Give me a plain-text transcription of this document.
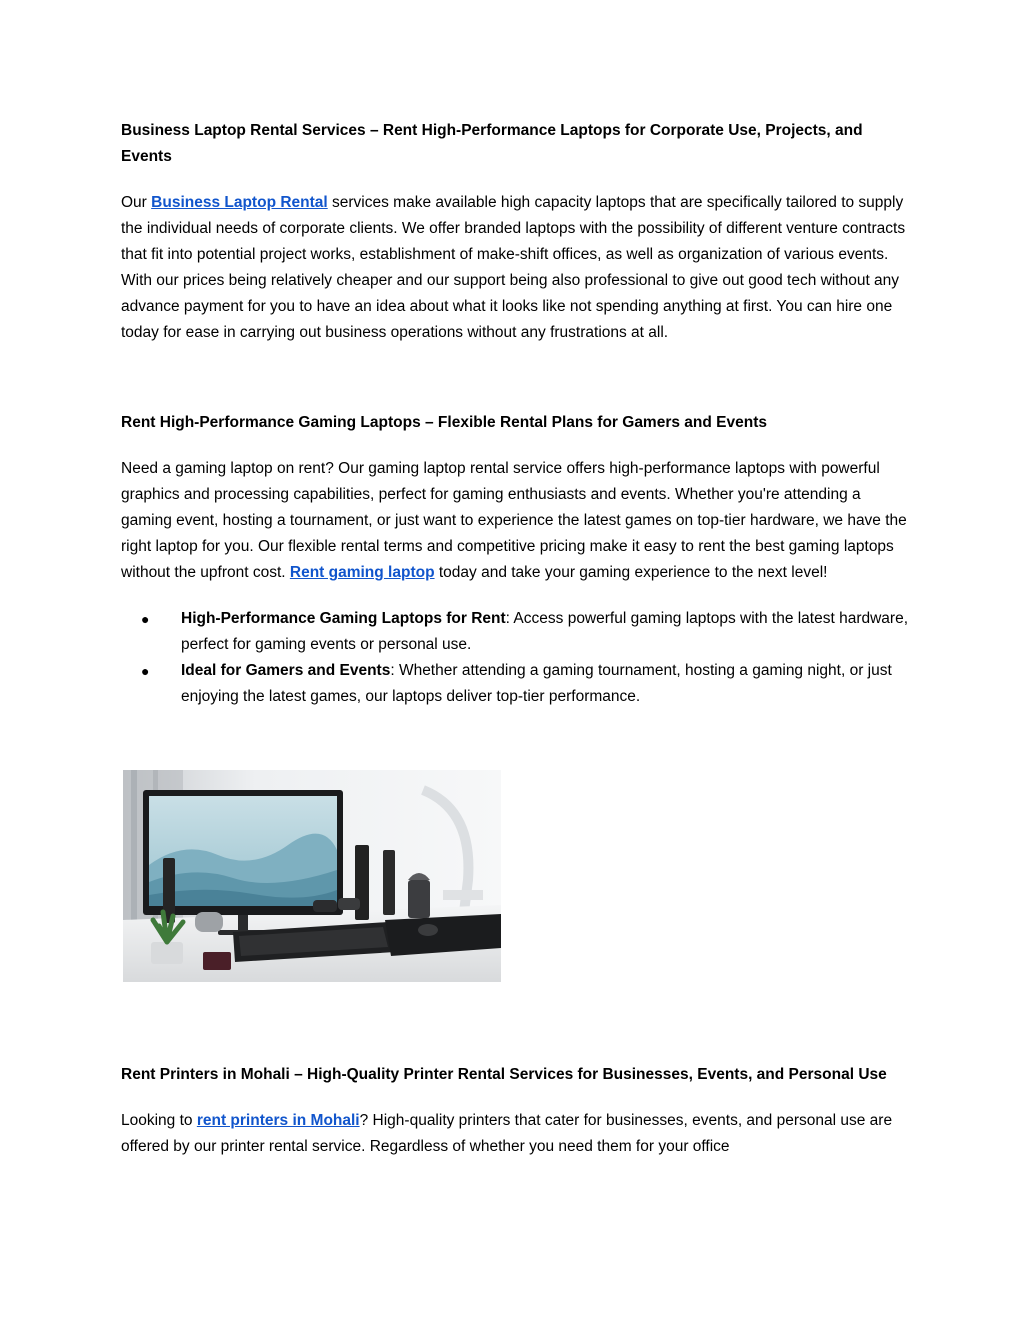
Business Laptop Rental Services – Rent High-Performance Laptops for Corporate Use, Projects, and Events

Our Business Laptop Rental services make available high capacity laptops that are specifically tailored to supply the individual needs of corporate clients. We offer branded laptops with the possibility of different venture contracts that fit into potential project works, establishment of make-shift offices, as well as organization of various events. With our prices being relatively cheaper and our support being also professional to give out good tech without any advance payment for you to have an idea about what it looks like not spending anything at first. You can hire one today for ease in carrying out business operations without any frustrations at all.

Rent High-Performance Gaming Laptops – Flexible Rental Plans for Gamers and Events

Need a gaming laptop on rent? Our gaming laptop rental service offers high-performance laptops with powerful graphics and processing capabilities, perfect for gaming enthusiasts and events. Whether you're attending a gaming event, hosting a tournament, or just want to experience the latest games on top-tier hardware, we have the right laptop for you. Our flexible rental terms and competitive pricing make it easy to rent the best gaming laptops without the upfront cost. Rent gaming laptop today and take your gaming experience to the next level!

● High-Performance Gaming Laptops for Rent: Access powerful gaming laptops with the latest hardware, perfect for gaming events or personal use.
● Ideal for Gamers and Events: Whether attending a gaming tournament, hosting a gaming night, or just enjoying the latest games, our laptops deliver top-tier performance.
Rent Printers in Mohali – High-Quality Printer Rental Services for Businesses, Events, and Personal Use

Looking to rent printers in Mohali? High-quality printers that cater for businesses, events, and personal use are offered by our printer rental service. Regardless of whether you need them for your office
